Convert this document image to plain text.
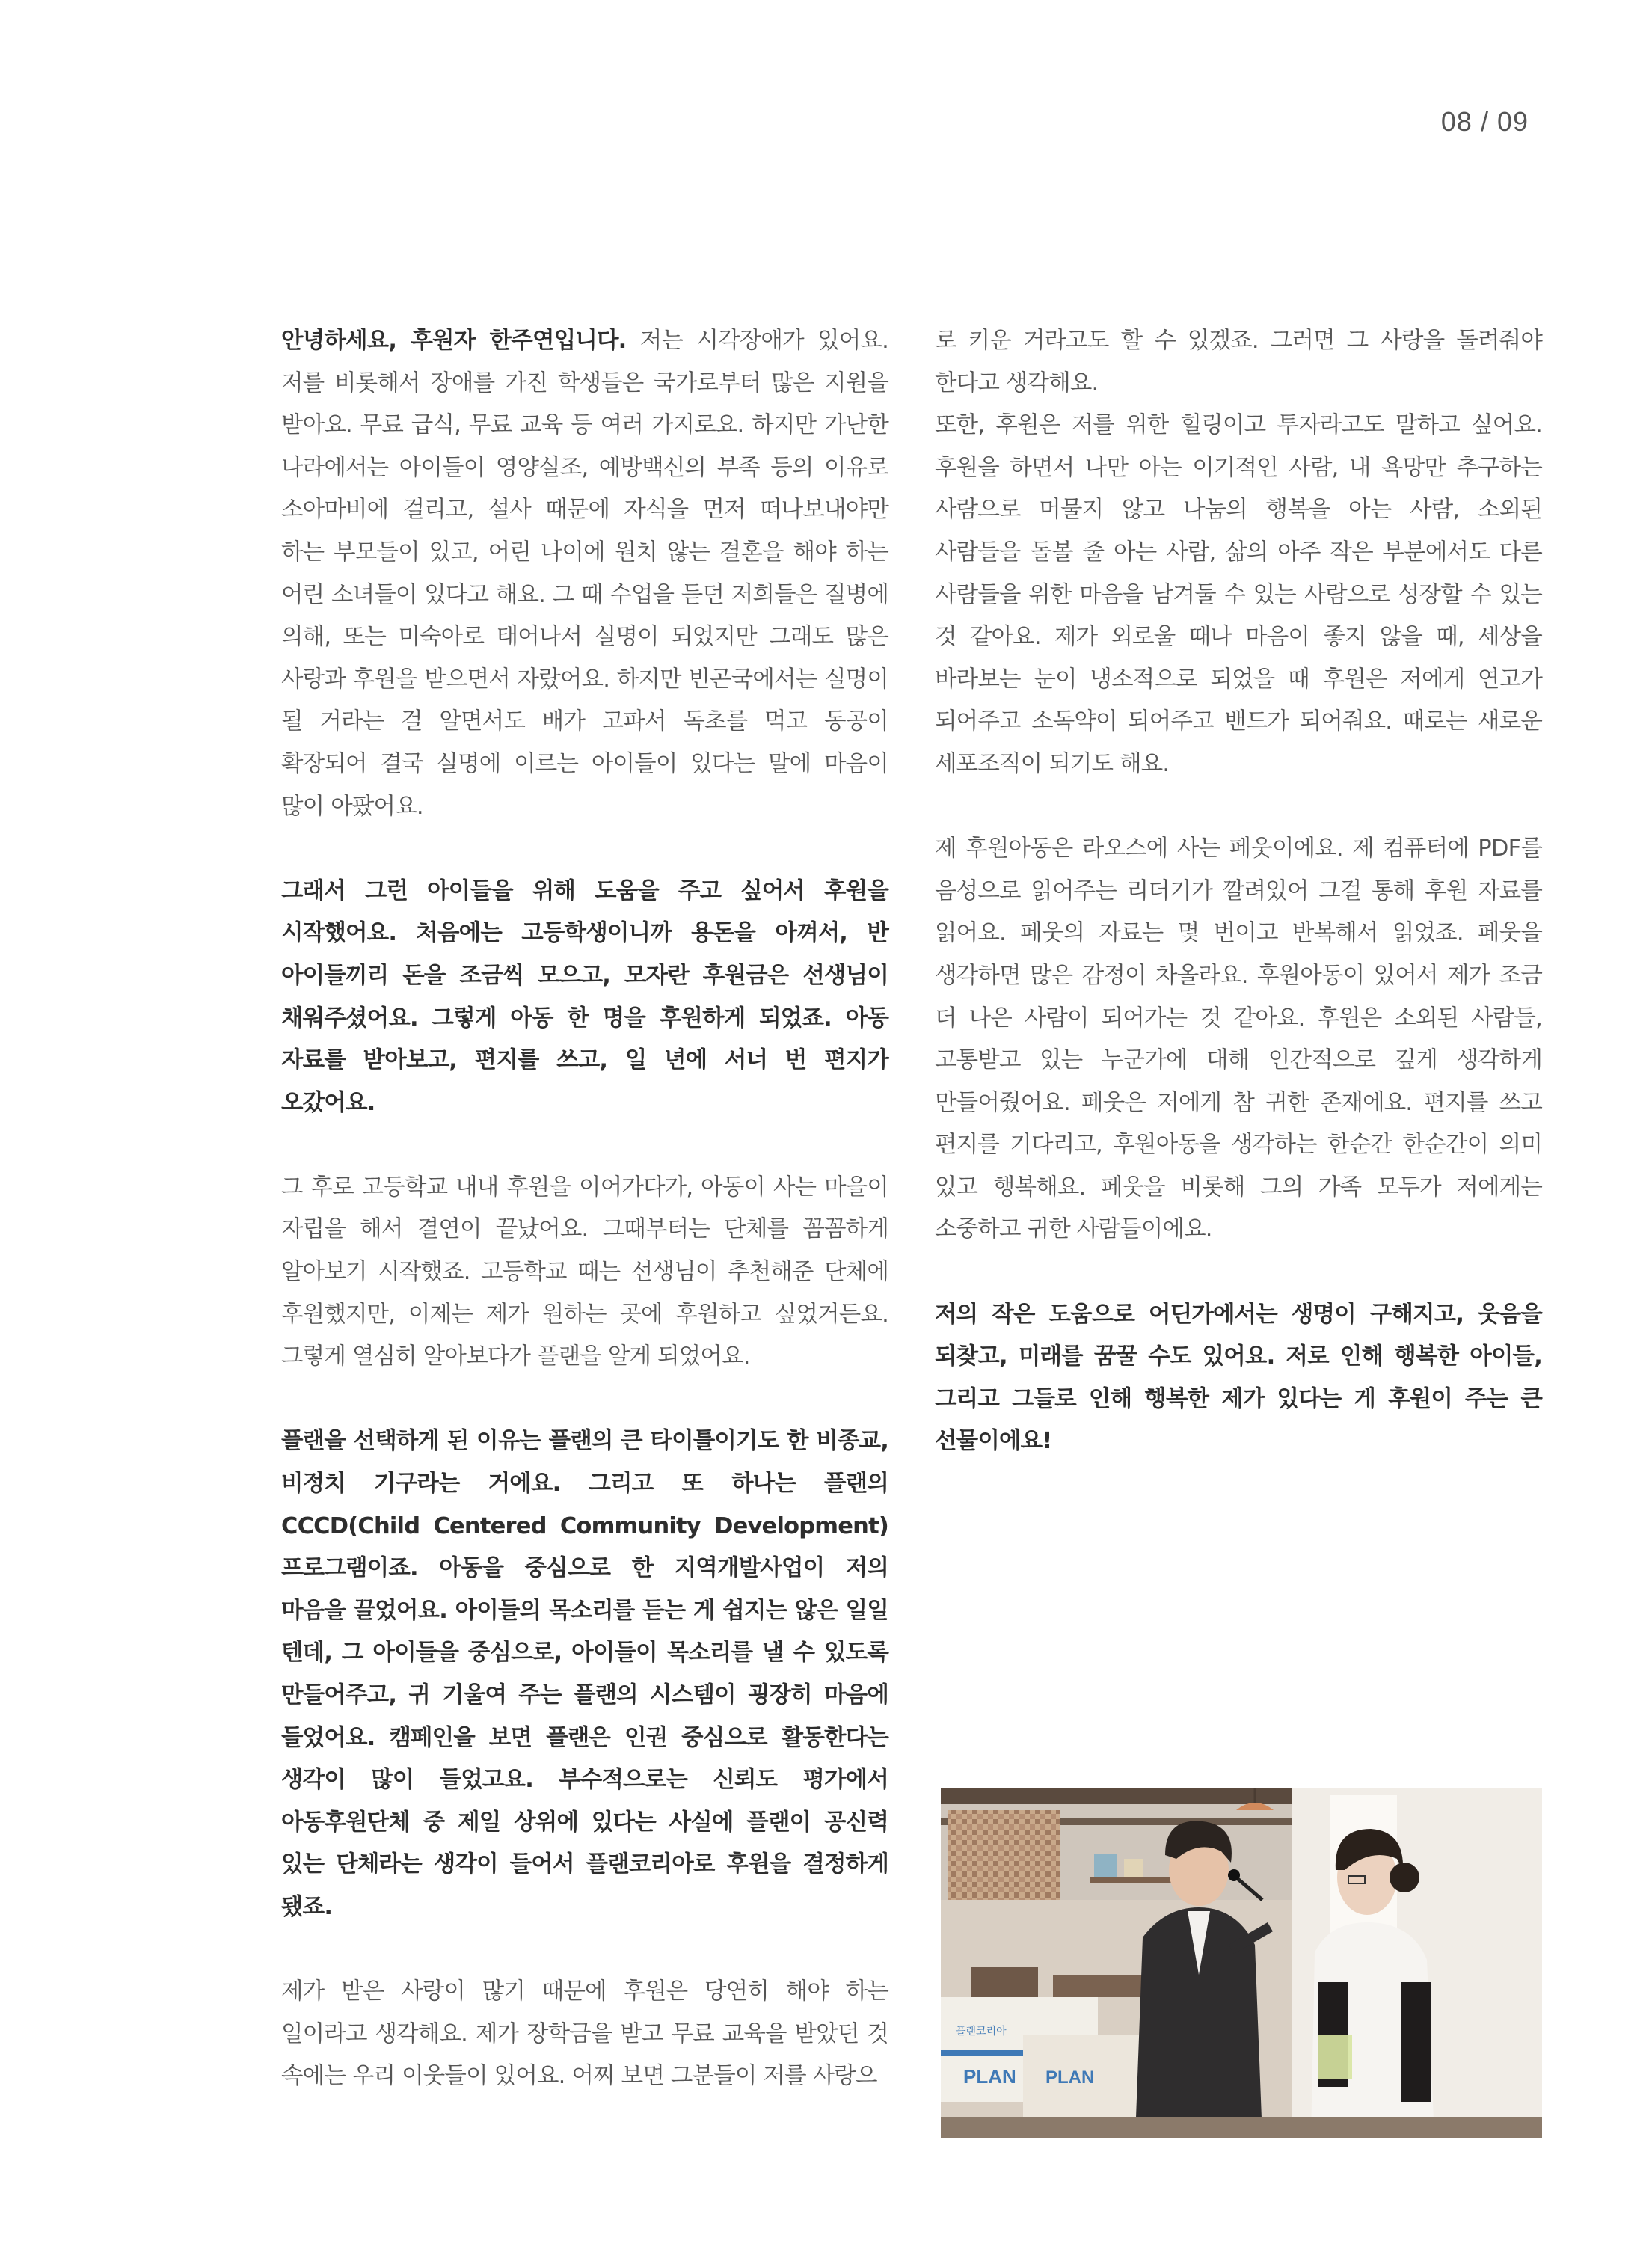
08 / 09

안녕하세요, 후원자 한주연입니다. 저는 시각장애가 있어요. 저를 비롯해서 장애를 가진 학생들은 국가로부터 많은 지원을 받아요. 무료 급식, 무료 교육 등 여러 가지로요. 하지만 가난한 나라에서는 아이들이 영양실조, 예방백신의 부족 등의 이유로 소아마비에 걸리고, 설사 때문에 자식을 먼저 떠나보내야만 하는 부모들이 있고, 어린 나이에 원치 않는 결혼을 해야 하는 어린 소녀들이 있다고 해요. 그 때 수업을 듣던 저희들은 질병에 의해, 또는 미숙아로 태어나서 실명이 되었지만 그래도 많은 사랑과 후원을 받으면서 자랐어요. 하지만 빈곤국에서는 실명이 될 거라는 걸 알면서도 배가 고파서 독초를 먹고 동공이 확장되어 결국 실명에 이르는 아이들이 있다는 말에 마음이 많이 아팠어요.

그래서 그런 아이들을 위해 도움을 주고 싶어서 후원을 시작했어요. 처음에는 고등학생이니까 용돈을 아껴서, 반 아이들끼리 돈을 조금씩 모으고, 모자란 후원금은 선생님이 채워주셨어요. 그렇게 아동 한 명을 후원하게 되었죠. 아동 자료를 받아보고, 편지를 쓰고, 일 년에 서너 번 편지가 오갔어요.

그 후로 고등학교 내내 후원을 이어가다가, 아동이 사는 마을이 자립을 해서 결연이 끝났어요. 그때부터는 단체를 꼼꼼하게 알아보기 시작했죠. 고등학교 때는 선생님이 추천해준 단체에 후원했지만, 이제는 제가 원하는 곳에 후원하고 싶었거든요. 그렇게 열심히 알아보다가 플랜을 알게 되었어요.

플랜을 선택하게 된 이유는 플랜의 큰 타이틀이기도 한 비종교, 비정치 기구라는 거에요. 그리고 또 하나는 플랜의 CCCD(Child Centered Community Development) 프로그램이죠. 아동을 중심으로 한 지역개발사업이 저의 마음을 끌었어요. 아이들의 목소리를 듣는 게 쉽지는 않은 일일 텐데, 그 아이들을 중심으로, 아이들이 목소리를 낼 수 있도록 만들어주고, 귀 기울여 주는 플랜의 시스템이 굉장히 마음에 들었어요. 캠페인을 보면 플랜은 인권 중심으로 활동한다는 생각이 많이 들었고요. 부수적으로는 신뢰도 평가에서 아동후원단체 중 제일 상위에 있다는 사실에 플랜이 공신력 있는 단체라는 생각이 들어서 플랜코리아로 후원을 결정하게 됐죠.

제가 받은 사랑이 많기 때문에 후원은 당연히 해야 하는 일이라고 생각해요. 제가 장학금을 받고 무료 교육을 받았던 것 속에는 우리 이웃들이 있어요. 어찌 보면 그분들이 저를 사랑으

로 키운 거라고도 할 수 있겠죠. 그러면 그 사랑을 돌려줘야 한다고 생각해요.

또한, 후원은 저를 위한 힐링이고 투자라고도 말하고 싶어요. 후원을 하면서 나만 아는 이기적인 사람, 내 욕망만 추구하는 사람으로 머물지 않고 나눔의 행복을 아는 사람, 소외된 사람들을 돌볼 줄 아는 사람, 삶의 아주 작은 부분에서도 다른 사람들을 위한 마음을 남겨둘 수 있는 사람으로 성장할 수 있는 것 같아요. 제가 외로울 때나 마음이 좋지 않을 때, 세상을 바라보는 눈이 냉소적으로 되었을 때 후원은 저에게 연고가 되어주고 소독약이 되어주고 밴드가 되어줘요. 때로는 새로운 세포조직이 되기도 해요.

제 후원아동은 라오스에 사는 페웃이에요. 제 컴퓨터에 PDF를 음성으로 읽어주는 리더기가 깔려있어 그걸 통해 후원 자료를 읽어요. 페웃의 자료는 몇 번이고 반복해서 읽었죠. 페웃을 생각하면 많은 감정이 차올라요. 후원아동이 있어서 제가 조금 더 나은 사람이 되어가는 것 같아요. 후원은 소외된 사람들, 고통받고 있는 누군가에 대해 인간적으로 깊게 생각하게 만들어줬어요. 페웃은 저에게 참 귀한 존재에요. 편지를 쓰고 편지를 기다리고, 후원아동을 생각하는 한순간 한순간이 의미 있고 행복해요. 페웃을 비롯해 그의 가족 모두가 저에게는 소중하고 귀한 사람들이에요.

저의 작은 도움으로 어딘가에서는 생명이 구해지고, 웃음을 되찾고, 미래를 꿈꿀 수도 있어요. 저로 인해 행복한 아이들, 그리고 그들로 인해 행복한 제가 있다는 게 후원이 주는 큰 선물이에요!

PLAN
플랜코리아
PLAN
